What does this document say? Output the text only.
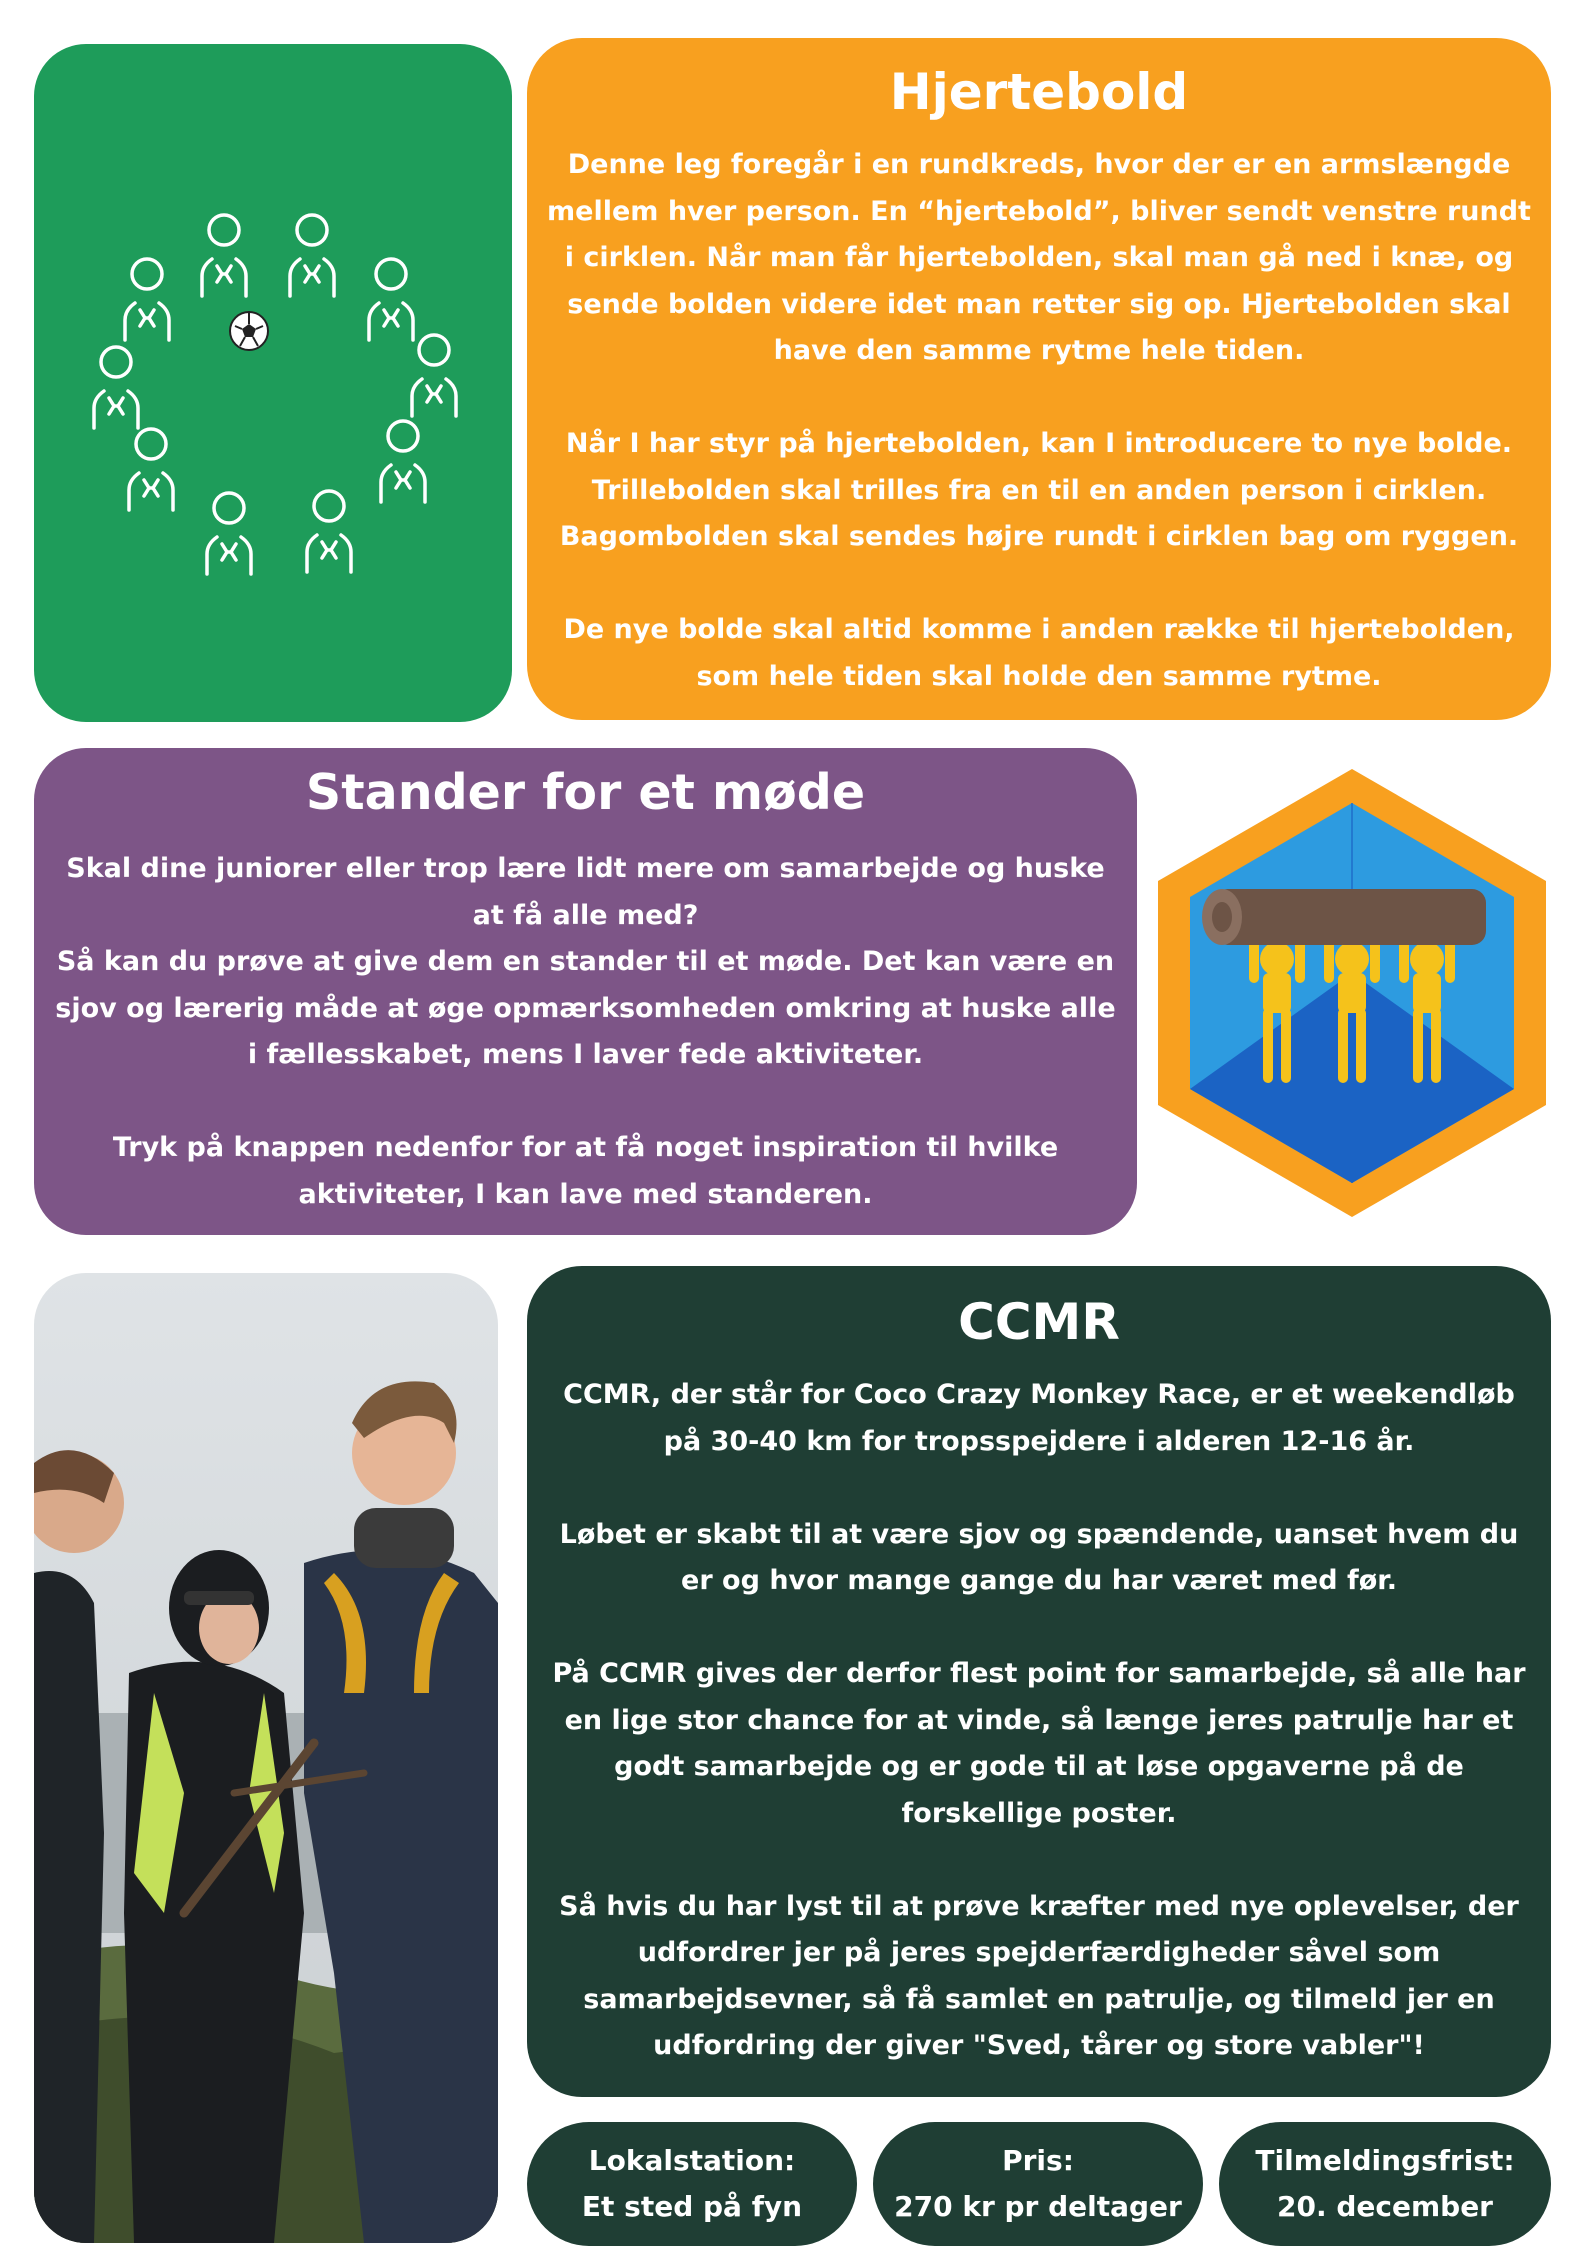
Hjertebold

Denne leg foregår i en rundkreds, hvor der er en armslængde mellem hver person. En “hjertebold”, bliver sendt venstre rundt i cirklen. Når man får hjertebolden, skal man gå ned i knæ, og sende bolden videre idet man retter sig op. Hjertebolden skal have den samme rytme hele tiden.

Når I har styr på hjertebolden, kan I introducere to nye bolde. Trillebolden skal trilles fra en til en anden person i cirklen. Bagombolden skal sendes højre rundt i cirklen bag om ryggen.

De nye bolde skal altid komme i anden række til hjertebolden, som hele tiden skal holde den samme rytme.

Stander for et møde

Skal dine juniorer eller trop lære lidt mere om samarbejde og huske at få alle med?
Så kan du prøve at give dem en stander til et møde. Det kan være en sjov og lærerig måde at øge opmærksomheden omkring at huske alle i fællesskabet, mens I laver fede aktiviteter.

Tryk på knappen nedenfor for at få noget inspiration til hvilke aktiviteter, I kan lave med standeren.

CCMR

CCMR, der står for Coco Crazy Monkey Race, er et weekendløb på 30-40 km for tropsspejdere i alderen 12-16 år.

Løbet er skabt til at være sjov og spændende, uanset hvem du er og hvor mange gange du har været med før.

På CCMR gives der derfor flest point for samarbejde, så alle har en lige stor chance for at vinde, så længe jeres patrulje har et godt samarbejde og er gode til at løse opgaverne på de forskellige poster.

Så hvis du har lyst til at prøve kræfter med nye oplevelser, der udfordrer jer på jeres spejderfærdigheder såvel som samarbejdsevner, så få samlet en patrulje, og tilmeld jer en udfordring der giver "Sved, tårer og store vabler"!

Lokalstation:
Et sted på fyn
Pris:
270 kr pr deltager
Tilmeldingsfrist:
20. december
